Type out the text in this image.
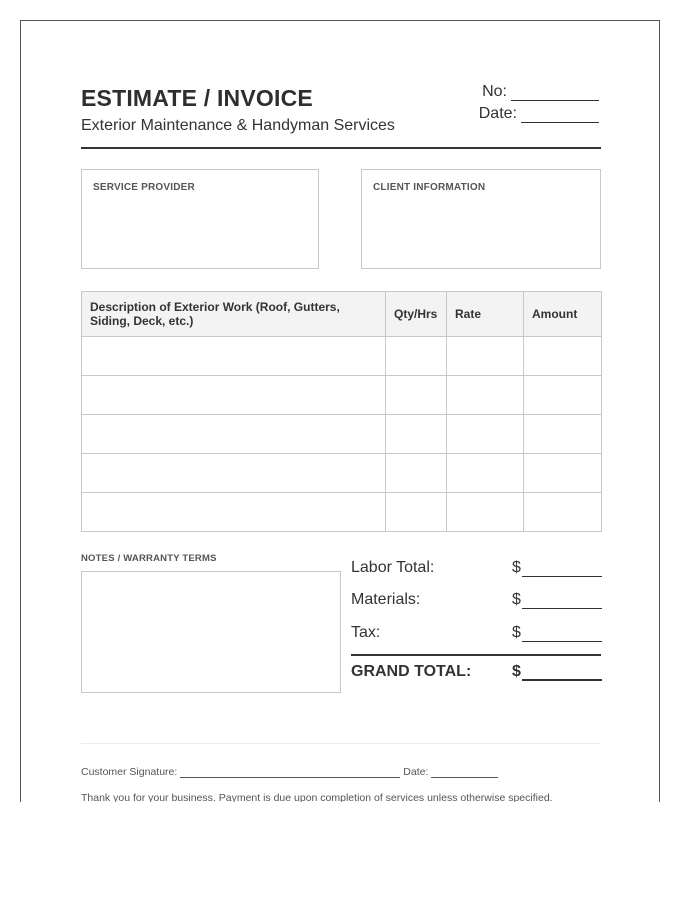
ESTIMATE / INVOICE
Exterior Maintenance & Handyman Services
No:
Date:
SERVICE PROVIDER	CLIENT INFORMATION
Description of Exterior Work (Roof, Gutters, Siding, Deck, etc.)	Qty/Hrs	Rate	Amount

NOTES / WARRANTY TERMS
Labor Total:	$
Materials:	$
Tax:	$
GRAND TOTAL:	$
Customer Signature:	Date:
Thank you for your business. Payment is due upon completion of services unless otherwise specified.
